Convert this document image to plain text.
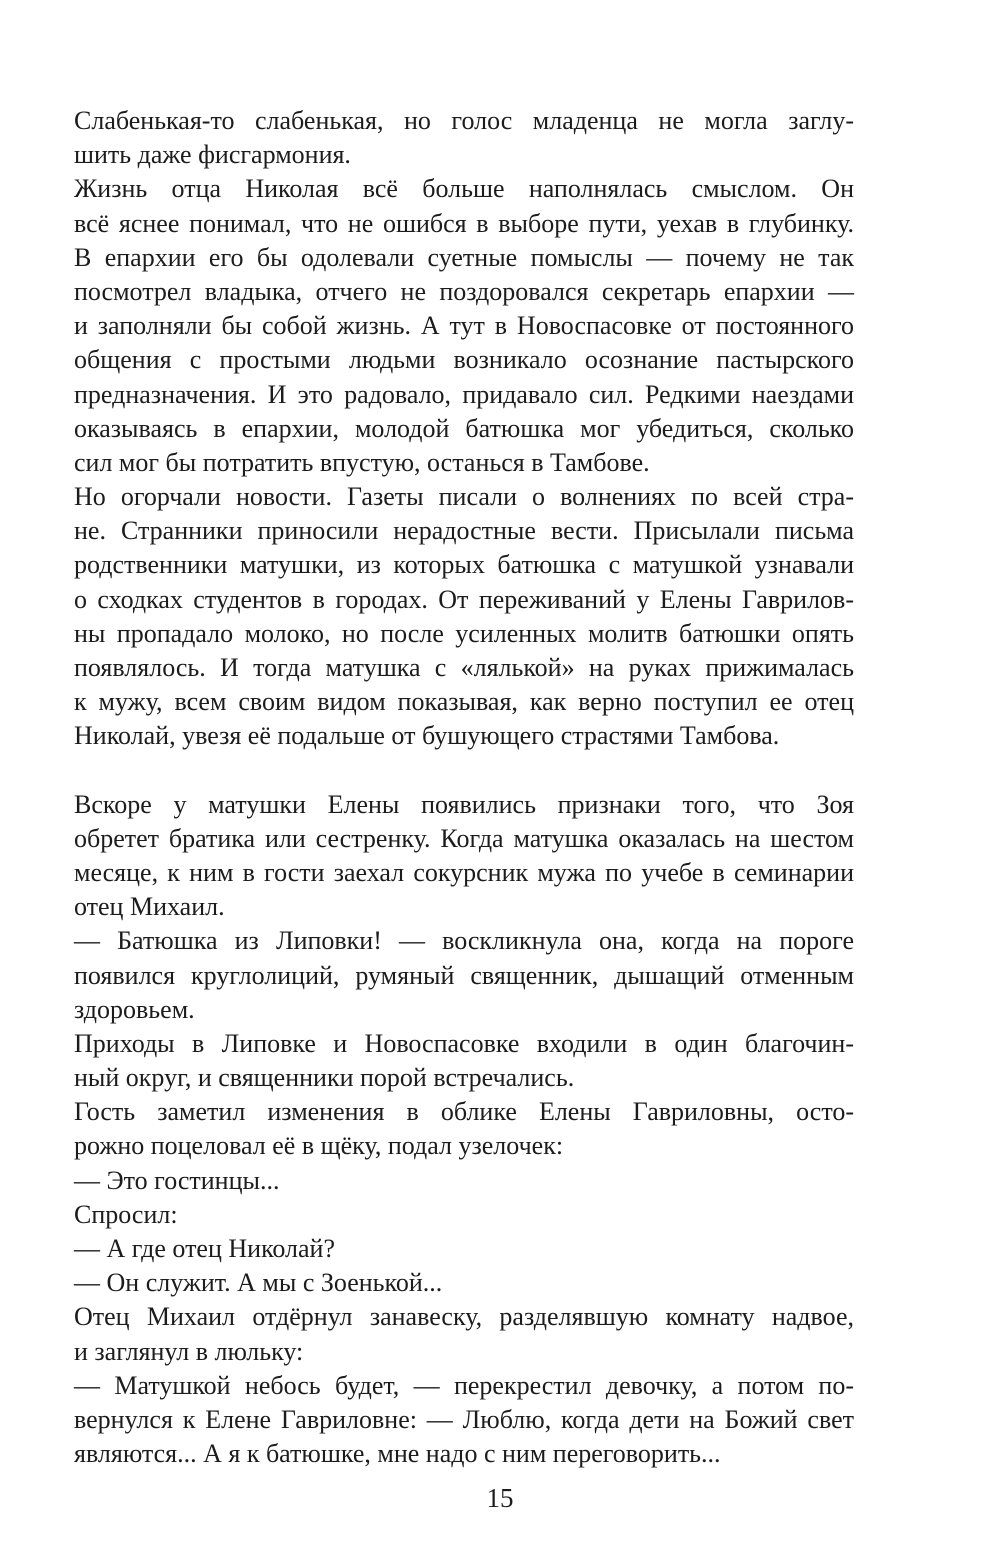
Слабенькая-то слабенькая, но голос младенца не могла заглу-
шить даже фисгармония.
Жизнь отца Николая всё больше наполнялась смыслом. Он
всё яснее понимал, что не ошибся в выборе пути, уехав в глубинку.
В епархии его бы одолевали суетные помыслы — почему не так
посмотрел владыка, отчего не поздоровался секретарь епархии —
и заполняли бы собой жизнь. А тут в Новоспасовке от постоянного
общения с простыми людьми возникало осознание пастырского
предназначения. И это радовало, придавало сил. Редкими наездами
оказываясь в епархии, молодой батюшка мог убедиться, сколько
сил мог бы потратить впустую, останься в Тамбове.
Но огорчали новости. Газеты писали о волнениях по всей стра-
не. Странники приносили нерадостные вести. Присылали письма
родственники матушки, из которых батюшка с матушкой узнавали
о сходках студентов в городах. От переживаний у Елены Гаврилов-
ны пропадало молоко, но после усиленных молитв батюшки опять
появлялось. И тогда матушка с «лялькой» на руках прижималась
к мужу, всем своим видом показывая, как верно поступил ее отец
Николай, увезя её подальше от бушующего страстями Тамбова.
Вскоре у матушки Елены появились признаки того, что Зоя
обретет братика или сестренку. Когда матушка оказалась на шестом
месяце, к ним в гости заехал сокурсник мужа по учебе в семинарии
отец Михаил.
— Батюшка из Липовки! — воскликнула она, когда на пороге
появился круглолиций, румяный священник, дышащий отменным
здоровьем.
Приходы в Липовке и Новоспасовке входили в один благочин-
ный округ, и священники порой встречались.
Гость заметил изменения в облике Елены Гавриловны, осто-
рожно поцеловал её в щёку, подал узелочек:
— Это гостинцы...
Спросил:
— А где отец Николай?
— Он служит. А мы с Зоенькой...
Отец Михаил отдёрнул занавеску, разделявшую комнату надвое,
и заглянул в люльку:
— Матушкой небось будет, — перекрестил девочку, а потом по-
вернулся к Елене Гавриловне: — Люблю, когда дети на Божий свет
являются... А я к батюшке, мне надо с ним переговорить...
15
